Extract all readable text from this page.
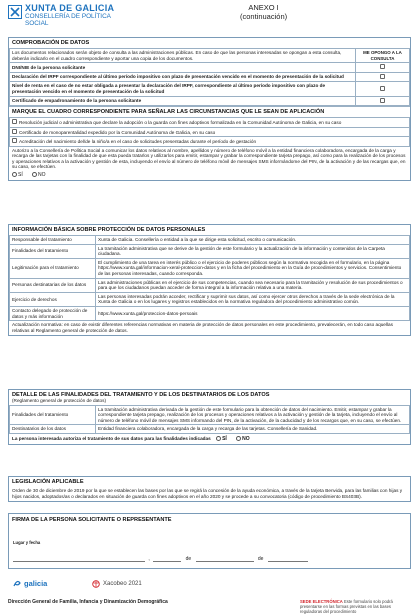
XUNTA DE GALICIA
CONSELLERÍA DE POLÍTICA
SOCIAL
ANEXO I
(continuación)
COMPROBACIÓN DE DATOS
Los documentos relacionados serán objeto de consulta a las administraciones públicas. En caso de que las personas interesadas se opongan a esta consulta, deberán indicarlo en el cuadro correspondiente y aportar una copia de los documentos.	ME OPONGO A LA CONSULTA
DNI/NIE de la persona solicitante	
Declaración del IRPF correspondiente al último período impositivo con plazo de presentación vencido en el momento de presentación de la solicitud	
Nivel de renta en el caso de no estar obligada a presentar la declaración del IRPF, correspondiente al último período impositivo con plazo de presentación vencido en el momento de presentación de la solicitud	
Certificado de empadronamiento de la persona solicitante	
MARQUE EL CUADRO CORRESPONDIENTE PARA SEÑALAR LAS CIRCUNSTANCIAS QUE LE SEAN DE APLICACIÓN
Resolución judicial o administrativa que declare la adopción o la guarda con fines adoptivos formalizada en la Comunidad Autónoma de Galicia, en su caso
Certificado de monoparentalidad expedido por la Comunidad Autónoma de Galicia, en su caso
Acreditación del nacimiento del/de la niño/a en el caso de solicitudes presentadas durante el período de gestación
Autorizo a la Consellería de Política Social a comunicar los datos relativos al nombre, apellidos y número de teléfono móvil a la entidad financiera colaboradora, encargada de la carga y recarga de las tarjetas con la finalidad de que esta pueda tratarlos y utilizarlos para emitir, estampar y grabar la correspondiente tarjeta prepago, así como para la realización de los procesos y operaciones relativos a la activación y gestión de esta, incluyendo el envío al número de teléfono móvil de mensajes SMS informándome del PIN, de la activación y de las recargas que, en su caso, se efectúen.
SÍ	NO
INFORMACIÓN BÁSICA SOBRE PROTECCIÓN DE DATOS PERSONALES
Responsable del tratamiento	Xunta de Galicia. Consellería o entidad a la que se dirige esta solicitud, escrito o comunicación.
Finalidades del tratamiento	La tramitación administrativa que se derive de la gestión de este formulario y la actualización de la información y contenidos de la Carpeta ciudadana.
Legitimación para el tratamiento	El cumplimiento de una tarea en interés público o el ejercicio de poderes públicos según la normativa recogida en el formulario, en la página https://www.xunta.gal/informacion-xeral-proteccion-datos y en la ficha del procedimiento en la Guía de procedimientos y servicios. Consentimiento de las personas interesadas, cuando corresponda.
Personas destinatarias de los datos	Las administraciones públicas en el ejercicio de sus competencias, cuando sea necesario para la tramitación y resolución de sus procedimientos o para que los ciudadanos puedan acceder de forma integral a la información relativa a una materia.
Ejercicio de derechos	Las personas interesadas podrán acceder, rectificar y suprimir sus datos, así como ejercer otros derechos a través de la sede electrónica de la Xunta de Galicia o en los lugares y registros establecidos en la normativa reguladora del procedimiento administrativo común.
Contacto delegado de protección de datos y más información	https://www.xunta.gal/proteccion-datos-persoais
Actualización normativa: en caso de existir diferentes referencias normativas en materia de protección de datos personales en este procedimiento, prevalecerán, en todo caso aquellas relativas al Reglamento general de protección de datos.
DETALLE DE LAS FINALIDADES DEL TRATAMIENTO Y DE LOS DESTINATARIOS DE LOS DATOS
(Reglamento general de protección de datos)
Finalidades del tratamiento	La tramitación administrativa derivada de la gestión de este formulario para la obtención de datos del nacimiento. Emitir, estampar y grabar la correspondiente tarjeta prepago, realización de los procesos y operaciones relativos a la activación y gestión de la tarjeta, incluyendo el envío al número de teléfono móvil de mensajes SMS informando del PIN, de la activación, de la caducidad y de los recargos que, en su caso, se efectúen.
Destinatarios de los datos	Entidad financiera colaboradora, encargada de la carga y recarga de las tarjetas. Consellería de Sanidad.
La persona interesada autoriza el tratamiento de sus datos para las finalidades indicadas SÍ	NO
LEGISLACIÓN APLICABLE
Orden de 30 de diciembre de 2019 por la que se establecen las bases por las que se regirá la concesión de la ayuda económica, a través de la tarjeta Benvida, para las familias con hijas y hijos nacidos, adoptados/as o declarados en situación de guarda con fines adoptivos en el año 2020 y se procede a su convocatoria (código de procedimiento BS403B).
FIRMA DE LA PERSONA SOLICITANTE O REPRESENTANTE
Lugar y fecha
,	de	de
galicia	Xacobeo 2021
Dirección General de Familia, Infancia y Dinamización Demográfica	SEDE ELECTRÓNICA Este formulario solo podrá presentarse en las formas previstas en las bases reguladoras del procedimiento
